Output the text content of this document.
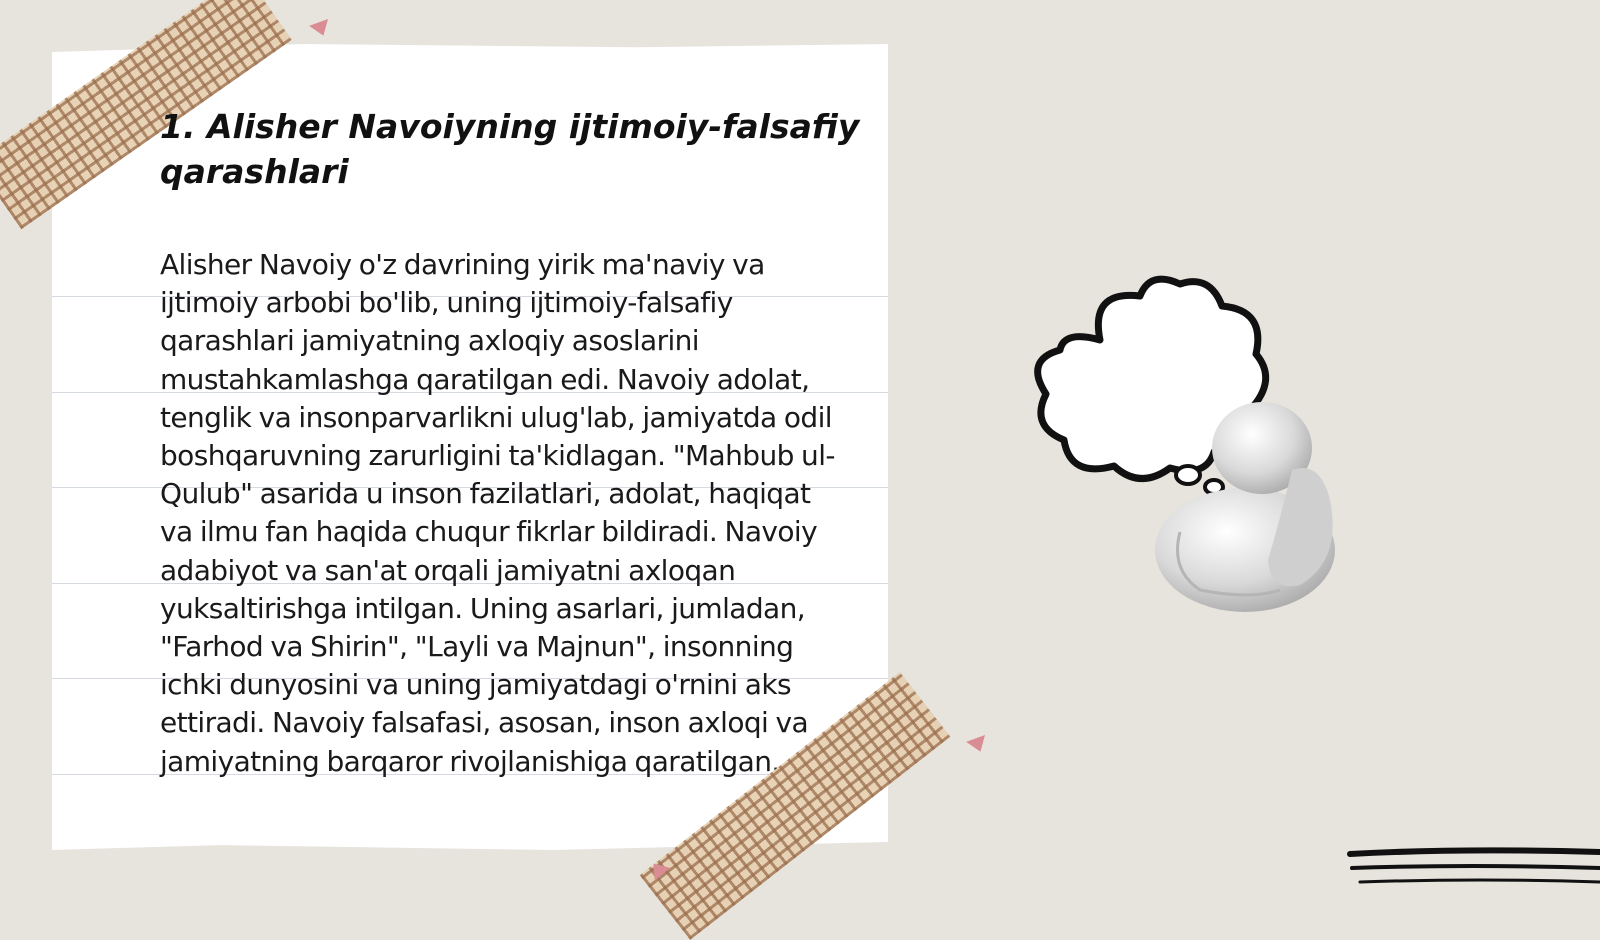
1. Alisher Navoiyning ijtimoiy-falsafiy qarashlari

Alisher Navoiy o'z davrining yirik ma'naviy va ijtimoiy arbobi bo'lib, uning ijtimoiy-falsafiy qarashlari jamiyatning axloqiy asoslarini mustahkamlashga qaratilgan edi. Navoiy adolat, tenglik va insonparvarlikni ulug'lab, jamiyatda odil boshqaruvning zarurligini ta'kidlagan. "Mahbub ul-Qulub" asarida u inson fazilatlari, adolat, haqiqat va ilmu fan haqida chuqur fikrlar bildiradi. Navoiy adabiyot va san'at orqali jamiyatni axloqan yuksaltirishga intilgan. Uning asarlari, jumladan, "Farhod va Shirin", "Layli va Majnun", insonning ichki dunyosini va uning jamiyatdagi o'rnini aks ettiradi. Navoiy falsafasi, asosan, inson axloqi va jamiyatning barqaror rivojlanishiga qaratilgan.
